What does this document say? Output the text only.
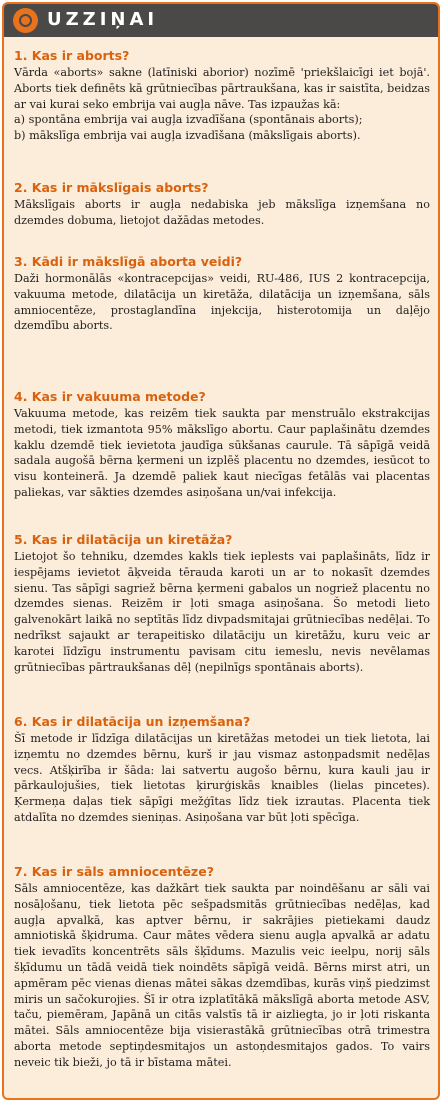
UZZIŅAI
1. Kas ir aborts?

Vārda «aborts» sakne (latīniski aborior) nozīmē 'priekšlaicīgi iet bojā'. Aborts tiek definēts kā grūtniecības pārtraukšana, kas ir saistīta, beidzas ar vai kurai seko embrija vai augļa nāve. Tas izpaužas kā:

a) spontāna embrija vai augļa izvadīšana (spontānais aborts);
b) mākslīga embrija vai augļa izvadīšana (mākslīgais aborts).

2. Kas ir mākslīgais aborts?

Mākslīgais aborts ir augļa nedabiska jeb mākslīga izņemšana no dzemdes dobuma, lietojot dažādas metodes.

3. Kādi ir mākslīgā aborta veidi?

Daži hormonālās «kontracepcijas» veidi, RU-486, IUS 2 kontracepcija, vakuuma metode, dilatācija un kiretāža, dilatācija un izņemšana, sāls amniocentēze, prostaglandīna injekcija, histerotomija un daļējo dzemdību aborts.

4. Kas ir vakuuma metode?

Vakuuma metode, kas reizēm tiek saukta par menstruālo ekstrakcijas metodi, tiek izmantota 95% mākslīgo abortu. Caur paplašinātu dzemdes kaklu dzemdē tiek ievietota jaudīga sūkšanas caurule. Tā sāpīgā veidā sadala augošā bērna ķermeni un izplēš placentu no dzemdes, iesūcot to visu konteinerā. Ja dzemdē paliek kaut niecīgas fetālās vai placentas paliekas, var sākties dzemdes asiņošana un/vai infekcija.

5. Kas ir dilatācija un kiretāža?

Lietojot šo tehniku, dzemdes kakls tiek ieplests vai paplašināts, līdz ir iespējams ievietot āķveida tērauda karoti un ar to nokasīt dzemdes sienu. Tas sāpīgi sagriež bērna ķermeni gabalos un nogriež placentu no dzemdes sienas. Reizēm ir ļoti smaga asiņošana. Šo metodi lieto galvenokārt laikā no septītās līdz divpadsmitajai grūtniecības nedēļai. To nedrīkst sajaukt ar terapeitisko dilatāciju un kiretāžu, kuru veic ar karotei līdzīgu instrumentu pavisam citu iemeslu, nevis nevēlamas grūtniecības pārtraukšanas dēļ (nepilnīgs spontānais aborts).

6. Kas ir dilatācija un izņemšana?

Šī metode ir līdzīga dilatācijas un kiretāžas metodei un tiek lietota, lai izņemtu no dzemdes bērnu, kurš ir jau vismaz astoņpadsmit nedēļas vecs. Atšķirība ir šāda: lai satvertu augošo bērnu, kura kauli jau ir pārkaulojušies, tiek lietotas ķirurģiskās knaibles (lielas pincetes). Ķermeņa daļas tiek sāpīgi mežģītas līdz tiek izrautas. Placenta tiek atdalīta no dzemdes sieniņas. Asiņošana var būt ļoti spēcīga.

7. Kas ir sāls amniocentēze?

Sāls amniocentēze, kas dažkārt tiek saukta par noindēšanu ar sāli vai nosāļošanu, tiek lietota pēc sešpadsmitās grūtniecības nedēļas, kad augļa apvalkā, kas aptver bērnu, ir sakrājies pietiekami daudz amniotiskā šķidruma. Caur mātes vēdera sienu augļa apvalkā ar adatu tiek ievadīts koncentrēts sāls šķīdums. Mazulis veic ieelpu, norij sāls šķīdumu un tādā veidā tiek noindēts sāpīgā veidā. Bērns mirst atri, un apmēram pēc vienas dienas mātei sākas dzemdības, kurās viņš piedzimst miris un sačokurojies. Šī ir otra izplatītākā mākslīgā aborta metode ASV, taču, piemēram, Japānā un citās valstīs tā ir aizliegta, jo ir ļoti riskanta mātei. Sāls amniocentēze bija visierastākā grūtniecības otrā trimestra aborta metode septiņdesmitajos un astoņdesmitajos gados. To vairs neveic tik bieži, jo tā ir bīstama mātei.
